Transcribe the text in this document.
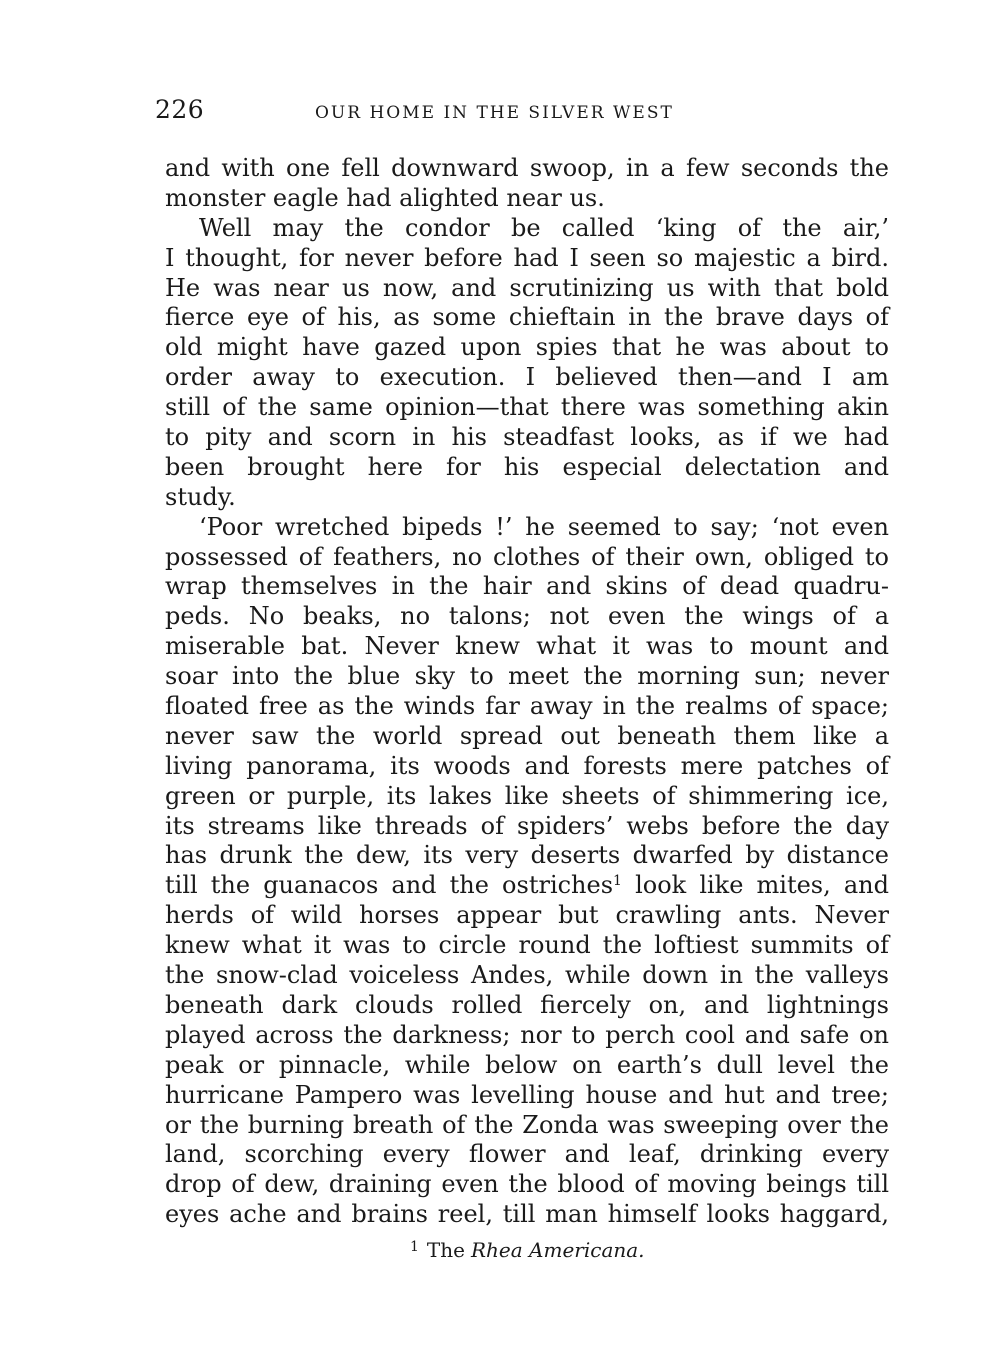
226	OUR HOME IN THE SILVER WEST
and with one fell downward swoop, in a few seconds the
monster eagle had alighted near us.
Well may the condor be called ‘king of the air,’
I thought, for never before had I seen so majestic a bird.
He was near us now, and scrutinizing us with that bold
fierce eye of his, as some chieftain in the brave days of
old might have gazed upon spies that he was about to
order away to execution. I believed then—and I am
still of the same opinion—that there was something akin
to pity and scorn in his steadfast looks, as if we had
been brought here for his especial delectation and
study.
‘Poor wretched bipeds !’ he seemed to say; ‘not even
possessed of feathers, no clothes of their own, obliged to
wrap themselves in the hair and skins of dead quadru-
peds. No beaks, no talons; not even the wings of a
miserable bat. Never knew what it was to mount and
soar into the blue sky to meet the morning sun; never
floated free as the winds far away in the realms of space;
never saw the world spread out beneath them like a
living panorama, its woods and forests mere patches of
green or purple, its lakes like sheets of shimmering ice,
its streams like threads of spiders’ webs before the day
has drunk the dew, its very deserts dwarfed by distance
till the guanacos and the ostriches$^1$ look like mites, and
herds of wild horses appear but crawling ants. Never
knew what it was to circle round the loftiest summits of
the snow-clad voiceless Andes, while down in the valleys
beneath dark clouds rolled fiercely on, and lightnings
played across the darkness; nor to perch cool and safe on
peak or pinnacle, while below on earth’s dull level the
hurricane Pampero was levelling house and hut and tree;
or the burning breath of the Zonda was sweeping over the
land, scorching every flower and leaf, drinking every
drop of dew, draining even the blood of moving beings till
eyes ache and brains reel, till man himself looks haggard,
$^1$ The Rhea Americana.
